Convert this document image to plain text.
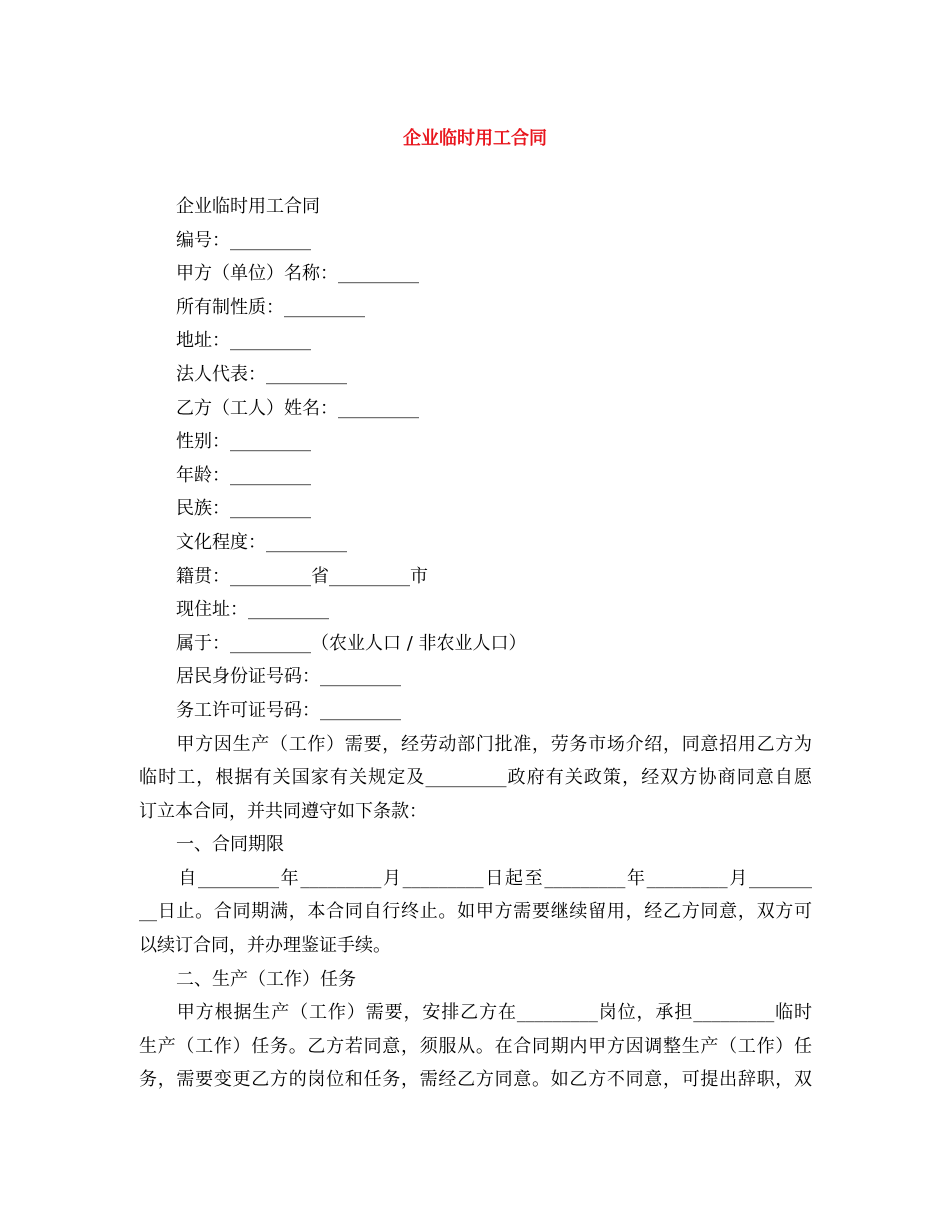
企业临时用工合同
企业临时用工合同
编号：_________
甲方（单位）名称：_________
所有制性质：_________
地址：_________
法人代表：_________
乙方（工人）姓名：_________
性别：_________
年龄：_________
民族：_________
文化程度：_________
籍贯：_________省_________市
现住址：_________
属于：_________（农业人口 / 非农业人口）
居民身份证号码：_________
务工许可证号码：_________
　　甲方因生产（工作）需要，经劳动部门批准，劳务市场介绍，同意招用乙方为
临时工，根据有关国家有关规定及_________政府有关政策，经双方协商同意自愿
订立本合同，并共同遵守如下条款：
一、合同期限
　　自_________年_________月_________日起至_________年_________月_______
__日止。合同期满，本合同自行终止。如甲方需要继续留用，经乙方同意，双方可
以续订合同，并办理鉴证手续。
二、生产（工作）任务
　　甲方根据生产（工作）需要，安排乙方在_________岗位，承担_________临时
生产（工作）任务。乙方若同意，须服从。在合同期内甲方因调整生产（工作）任
务，需要变更乙方的岗位和任务，需经乙方同意。如乙方不同意，可提出辞职，双
